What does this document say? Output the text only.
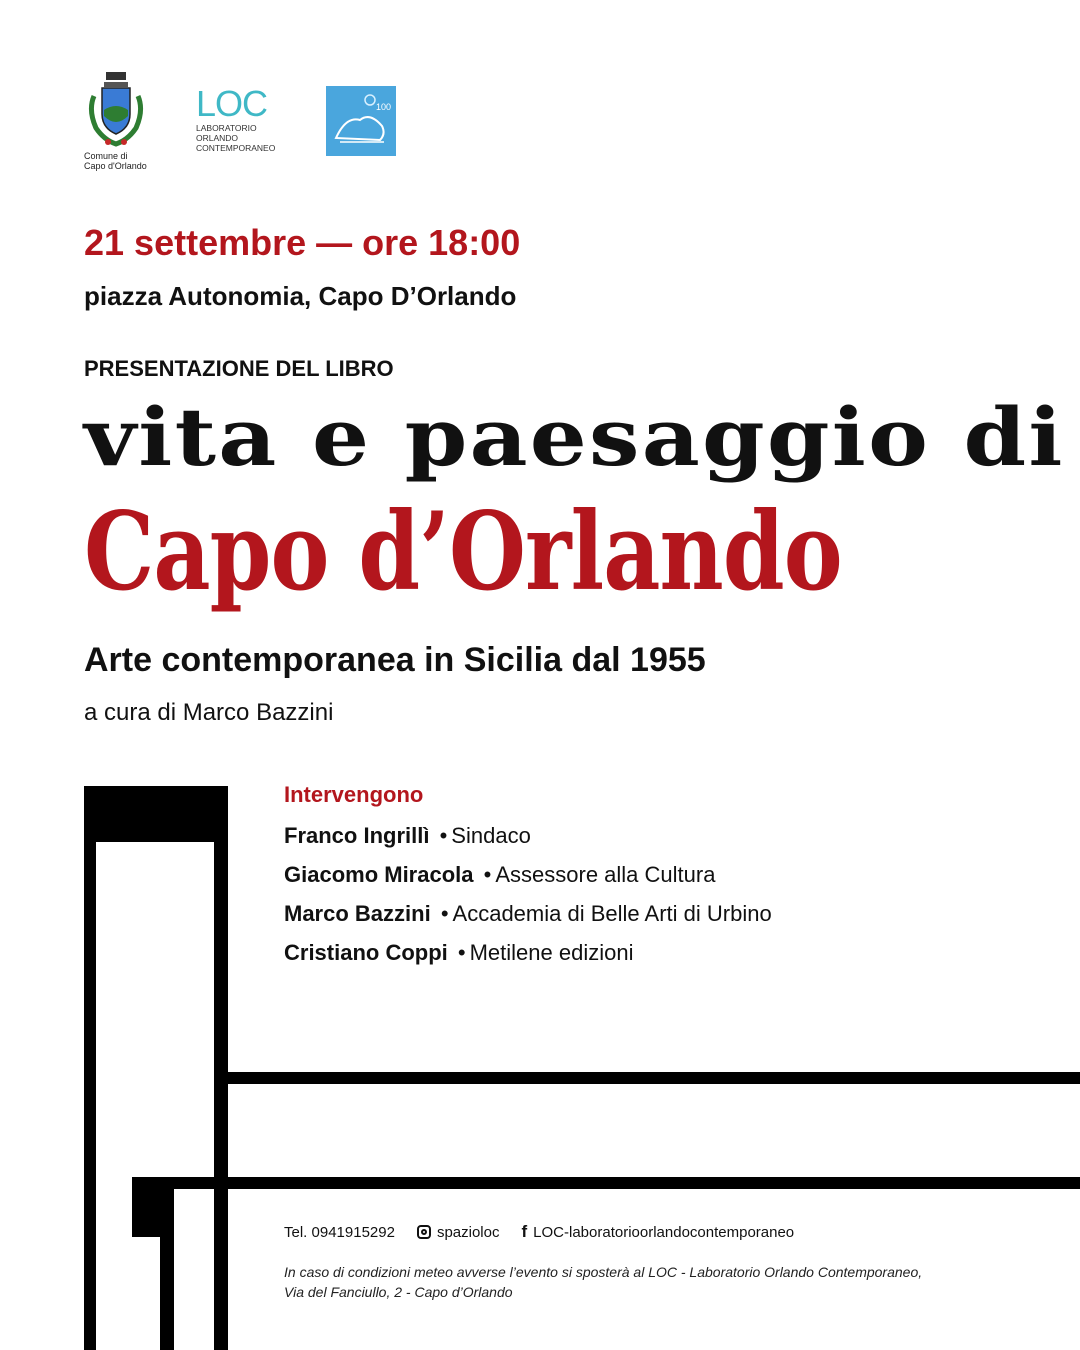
Comune di
Capo d'Orlando
LOC
LABORATORIO
ORLANDO
CONTEMPORANEO
100
21 settembre — ore 18:00
piazza Autonomia, Capo D’Orlando
PRESENTAZIONE DEL LIBRO
vita e paesaggio di
Capo d’Orlando
Arte contemporanea in Sicilia dal 1955
a cura di Marco Bazzini
Intervengono
Franco Ingrillì • Sindaco
Giacomo Miracola • Assessore alla Cultura
Marco Bazzini • Accademia di Belle Arti di Urbino
Cristiano Coppi • Metilene edizioni
Tel. 0941915292	spazioloc f LOC-laboratorioorlandocontemporaneo
In caso di condizioni meteo avverse l’evento si sposterà al LOC - Laboratorio Orlando Contemporaneo,
Via del Fanciullo, 2 - Capo d’Orlando
